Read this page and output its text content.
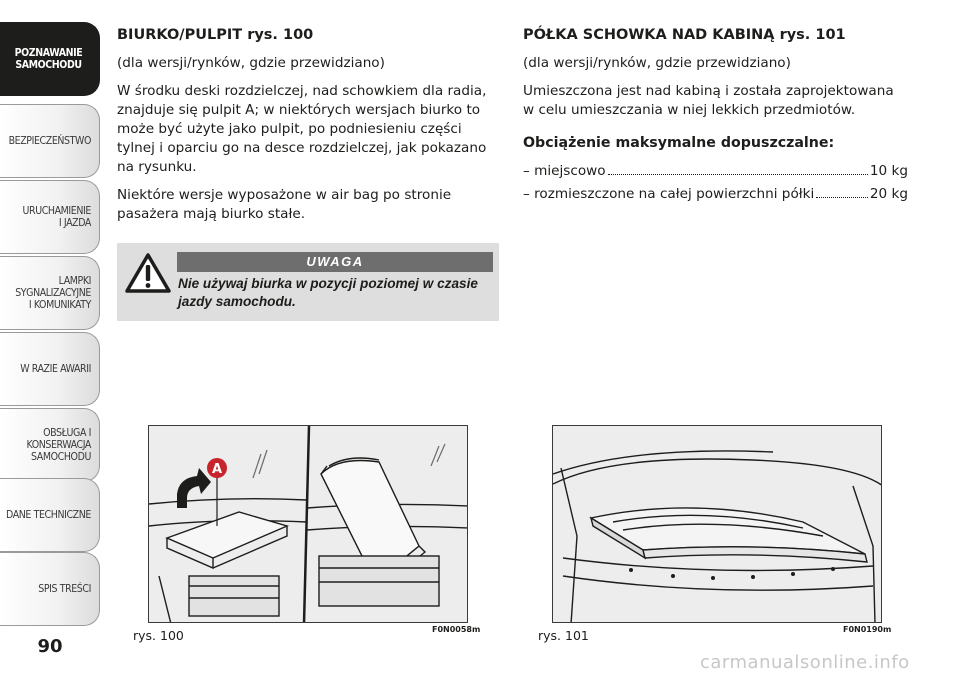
POZNAWANIE
SAMOCHODU
BEZPIECZEŃSTWO
URUCHAMIENIE
I JAZDA
LAMPKI
SYGNALIZACYJNE
I KOMUNIKATY
W RAZIE AWARII
OBSŁUGA I
KONSERWACJA
SAMOCHODU
DANE TECHNICZNE
SPIS TREŚCI
90

BIURKO/PULPIT rys. 100

(dla wersji/rynków, gdzie przewidziano)

W środku deski rozdzielczej, nad schowkiem dla radia, znajduje się pulpit A; w niektórych wersjach biurko to może być użyte jako pulpit, po podniesieniu części tylnej i oparciu go na desce rozdzielczej, jak pokazano na rysunku.

Niektóre wersje wyposażone w air bag po stronie pasażera mają biurko stałe.

UWAGA
Nie używaj biurka w pozycji poziomej w czasie jazdy samochodu.

PÓŁKA SCHOWKA NAD KABINĄ rys. 101

(dla wersji/rynków, gdzie przewidziano)

Umieszczona jest nad kabiną i została zaprojektowana w celu umieszczania w niej lekkich przedmiotów.

Obciążenie maksymalne dopuszczalne:

– miejscowo	10 kg
– rozmieszczone na całej powierzchni półki	20 kg
A
rys. 100	F0N0058m	rys. 101	F0N0190m
carmanualsonline.info
